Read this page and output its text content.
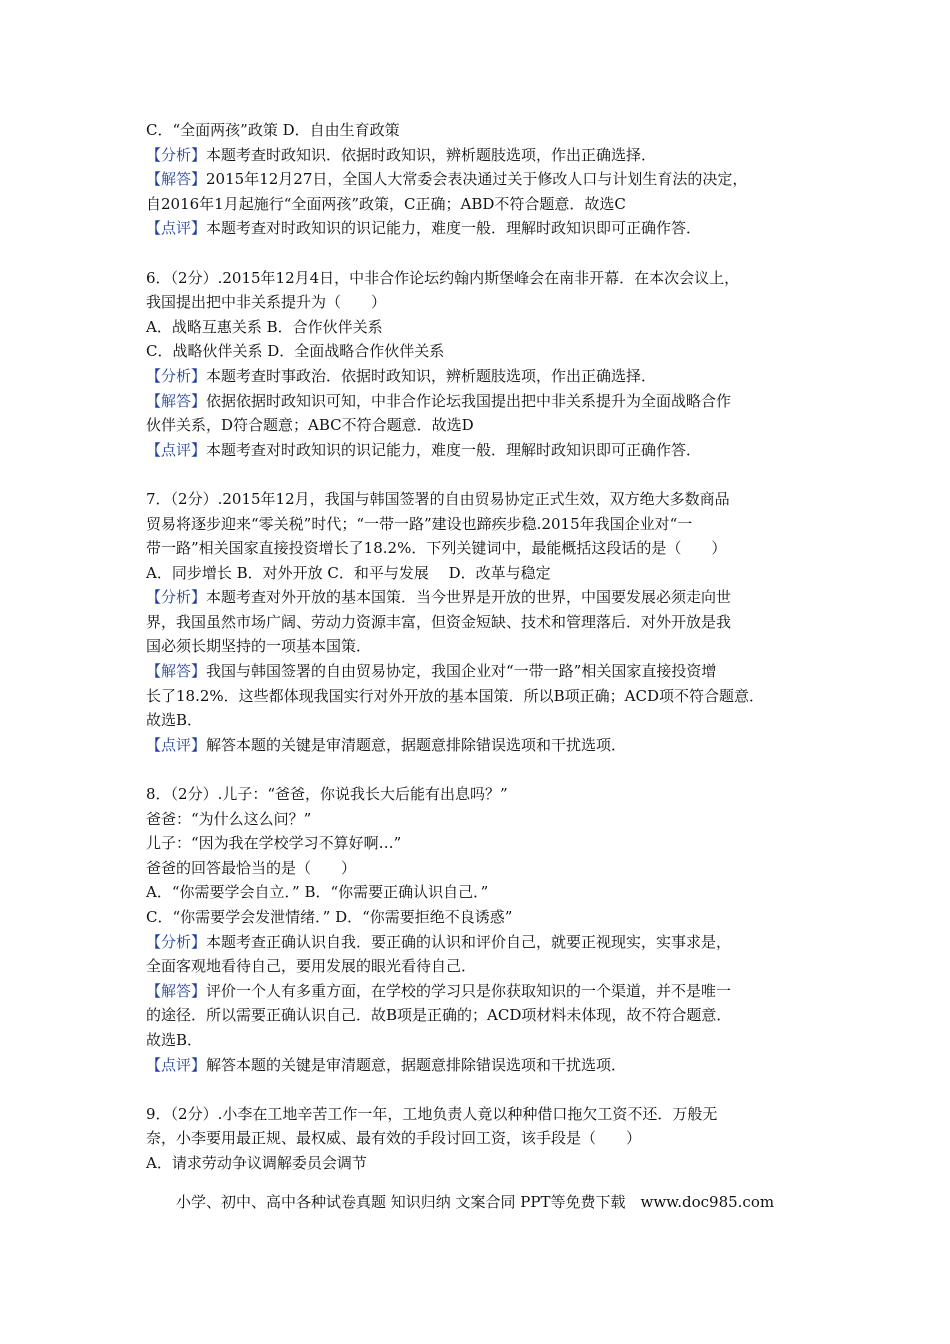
C．“全面两孩”政策 D．自由生育政策
【分析】本题考查时政知识．依据时政知识，辨析题肢选项，作出正确选择．
【解答】2015年12月27日，全国人大常委会表决通过关于修改人口与计划生育法的决定，
自2016年1月起施行“全面两孩”政策，C正确；ABD不符合题意．故选C
【点评】本题考查对时政知识的识记能力，难度一般．理解时政知识即可正确作答．
6．（2分）.2015年12月4日，中非合作论坛约翰内斯堡峰会在南非开幕．在本次会议上，
我国提出把中非关系提升为（　　）
A．战略互惠关系 B．合作伙伴关系
C．战略伙伴关系 D．全面战略合作伙伴关系
【分析】本题考查时事政治．依据时政知识，辨析题肢选项，作出正确选择．
【解答】依据依据时政知识可知，中非合作论坛我国提出把中非关系提升为全面战略合作
伙伴关系，D符合题意；ABC不符合题意．故选D
【点评】本题考查对时政知识的识记能力，难度一般．理解时政知识即可正确作答．
7．（2分）.2015年12月，我国与韩国签署的自由贸易协定正式生效，双方绝大多数商品
贸易将逐步迎来“零关税”时代；“一带一路”建设也蹄疾步稳.2015年我国企业对“一
带一路”相关国家直接投资增长了18.2%．下列关键词中，最能概括这段话的是（　　）
A．同步增长 B．对外开放 C．和平与发展　 D．改革与稳定
【分析】本题考查对外开放的基本国策．当今世界是开放的世界，中国要发展必须走向世
界，我国虽然市场广阔、劳动力资源丰富，但资金短缺、技术和管理落后．对外开放是我
国必须长期坚持的一项基本国策．
【解答】我国与韩国签署的自由贸易协定，我国企业对“一带一路”相关国家直接投资增
长了18.2%．这些都体现我国实行对外开放的基本国策．所以B项正确；ACD项不符合题意．
故选B．
【点评】解答本题的关键是审清题意，据题意排除错误选项和干扰选项．
8．（2分）.儿子：“爸爸，你说我长大后能有出息吗？”
爸爸：“为什么这么问？”
儿子：“因为我在学校学习不算好啊…”
爸爸的回答最恰当的是（　　）
A．“你需要学会自立．” B．“你需要正确认识自己．”
C．“你需要学会发泄情绪．” D．“你需要拒绝不良诱惑”
【分析】本题考查正确认识自我．要正确的认识和评价自己，就要正视现实，实事求是，
全面客观地看待自己，要用发展的眼光看待自己．
【解答】评价一个人有多重方面，在学校的学习只是你获取知识的一个渠道，并不是唯一
的途径．所以需要正确认识自己．故B项是正确的；ACD项材料未体现，故不符合题意．
故选B．
【点评】解答本题的关键是审清题意，据题意排除错误选项和干扰选项．
9．（2分）.小李在工地辛苦工作一年，工地负责人竟以种种借口拖欠工资不还．万般无
奈，小李要用最正规、最权威、最有效的手段讨回工资，该手段是（　　）
A．请求劳动争议调解委员会调节
　　小学、初中、高中各种试卷真题 知识归纳 文案合同 PPT等免费下载　www.doc985.com
